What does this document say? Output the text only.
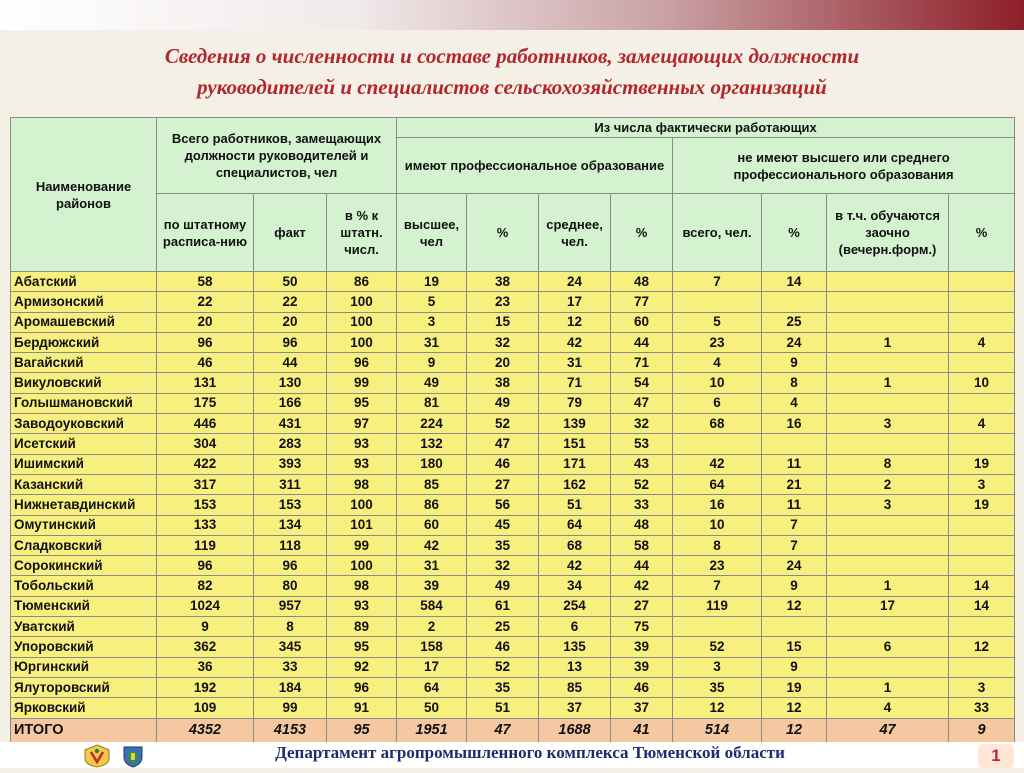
Сведения о численности и составе работников, замещающих должности
руководителей и специалистов сельскохозяйственных организаций
Наименование районов	Всего работников, замещающих должности руководителей и специалистов, чел			Из числа фактически работающих							
				имеют профессиональное образование				не имеют высшего или среднего профессионального образования			
	по штатному расписа-нию	факт	в % к штатн. числ.	высшее, чел	%	среднее, чел.	%	всего, чел.	%	в т.ч. обучаются заочно (вечерн.форм.)	%
Абатский	58	50	86	19	38	24	48	7	14		
Армизонский	22	22	100	5	23	17	77				
Аромашевский	20	20	100	3	15	12	60	5	25		
Бердюжский	96	96	100	31	32	42	44	23	24	1	4
Вагайский	46	44	96	9	20	31	71	4	9		
Викуловский	131	130	99	49	38	71	54	10	8	1	10
Голышмановский	175	166	95	81	49	79	47	6	4		
Заводоуковский	446	431	97	224	52	139	32	68	16	3	4
Исетский	304	283	93	132	47	151	53				
Ишимский	422	393	93	180	46	171	43	42	11	8	19
Казанский	317	311	98	85	27	162	52	64	21	2	3
Нижнетавдинский	153	153	100	86	56	51	33	16	11	3	19
Омутинский	133	134	101	60	45	64	48	10	7		
Сладковский	119	118	99	42	35	68	58	8	7		
Сорокинский	96	96	100	31	32	42	44	23	24		
Тобольский	82	80	98	39	49	34	42	7	9	1	14
Тюменский	1024	957	93	584	61	254	27	119	12	17	14
Уватский	9	8	89	2	25	6	75				
Упоровский	362	345	95	158	46	135	39	52	15	6	12
Юргинский	36	33	92	17	52	13	39	3	9		
Ялуторовский	192	184	96	64	35	85	46	35	19	1	3
Ярковский	109	99	91	50	51	37	37	12	12	4	33
ИТОГО	4352	4153	95	1951	47	1688	41	514	12	47	9
Департамент агропромышленного комплекса Тюменской области	1
